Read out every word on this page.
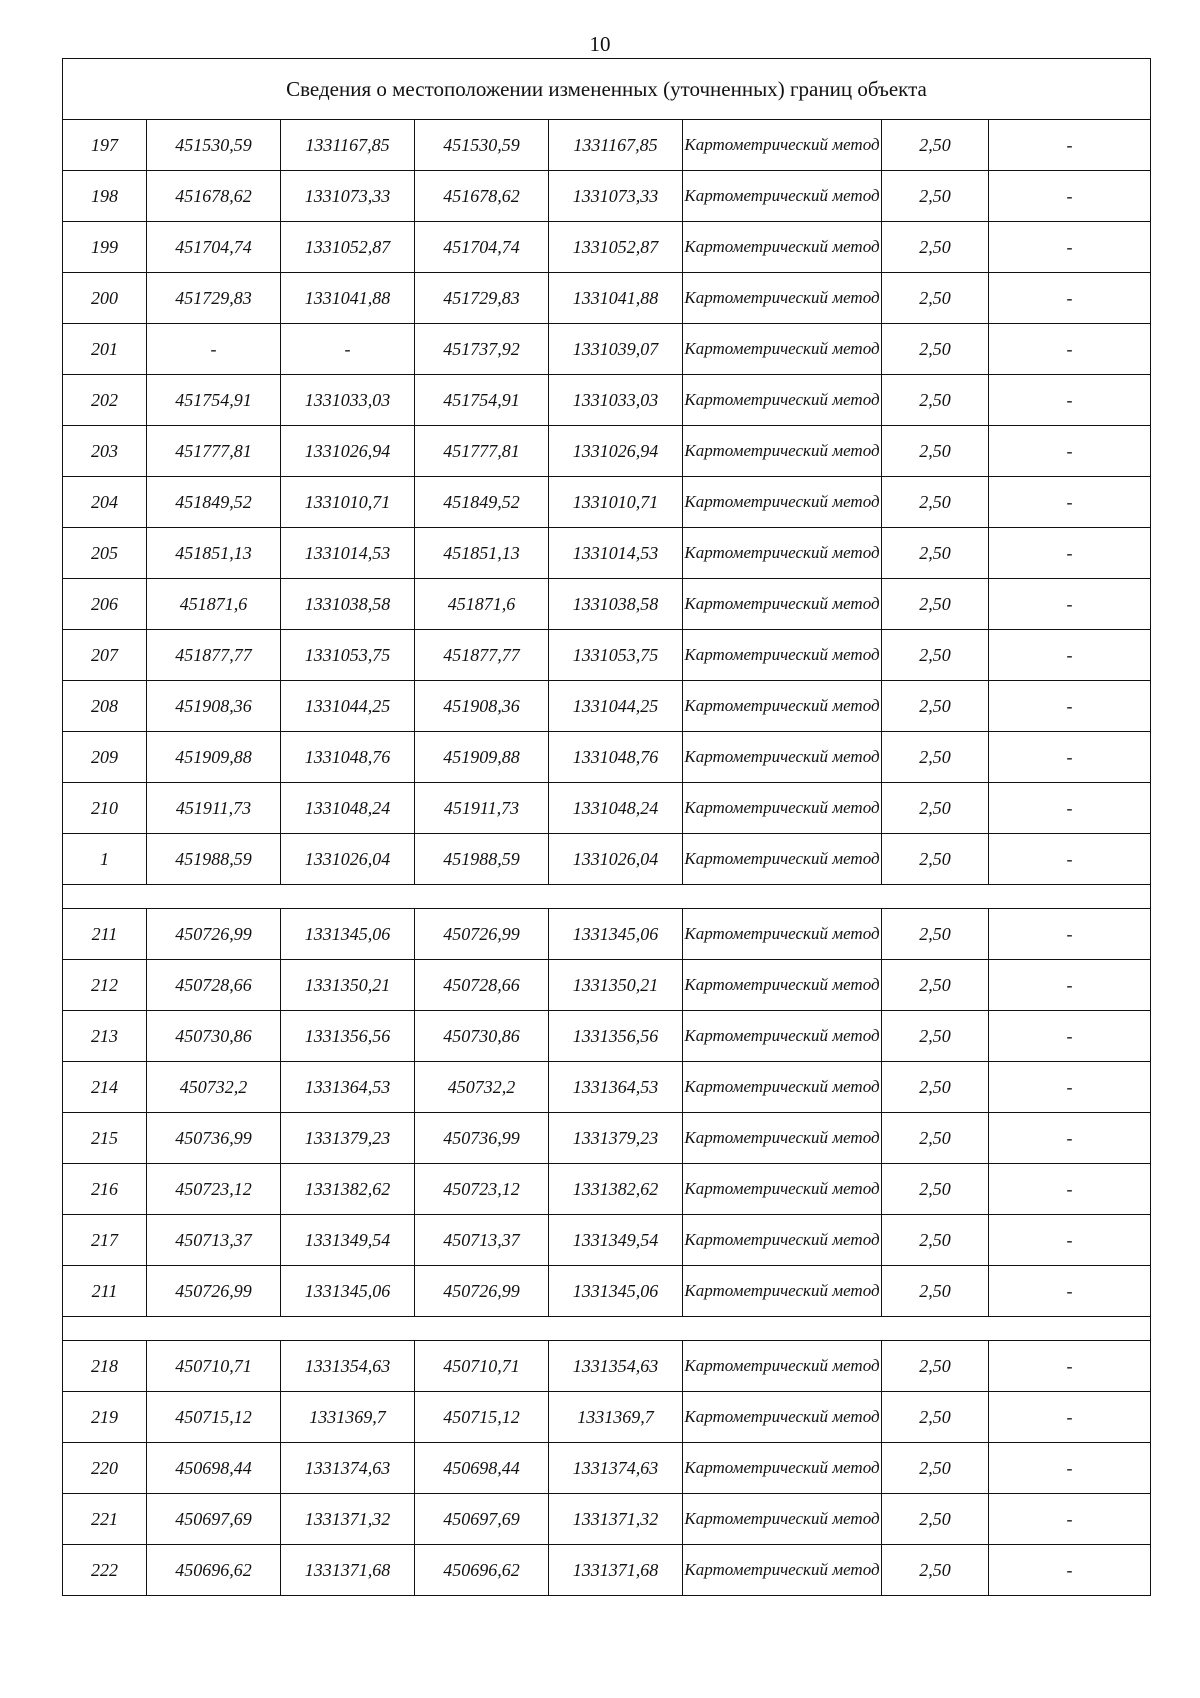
10
Сведения о местоположении измененных (уточненных) границ объекта							
197	451530,59	1331167,85	451530,59	1331167,85	Картометрический метод	2,50	-
198	451678,62	1331073,33	451678,62	1331073,33	Картометрический метод	2,50	-
199	451704,74	1331052,87	451704,74	1331052,87	Картометрический метод	2,50	-
200	451729,83	1331041,88	451729,83	1331041,88	Картометрический метод	2,50	-
201	-	-	451737,92	1331039,07	Картометрический метод	2,50	-
202	451754,91	1331033,03	451754,91	1331033,03	Картометрический метод	2,50	-
203	451777,81	1331026,94	451777,81	1331026,94	Картометрический метод	2,50	-
204	451849,52	1331010,71	451849,52	1331010,71	Картометрический метод	2,50	-
205	451851,13	1331014,53	451851,13	1331014,53	Картометрический метод	2,50	-
206	451871,6	1331038,58	451871,6	1331038,58	Картометрический метод	2,50	-
207	451877,77	1331053,75	451877,77	1331053,75	Картометрический метод	2,50	-
208	451908,36	1331044,25	451908,36	1331044,25	Картометрический метод	2,50	-
209	451909,88	1331048,76	451909,88	1331048,76	Картометрический метод	2,50	-
210	451911,73	1331048,24	451911,73	1331048,24	Картометрический метод	2,50	-
1	451988,59	1331026,04	451988,59	1331026,04	Картометрический метод	2,50	-

211	450726,99	1331345,06	450726,99	1331345,06	Картометрический метод	2,50	-
212	450728,66	1331350,21	450728,66	1331350,21	Картометрический метод	2,50	-
213	450730,86	1331356,56	450730,86	1331356,56	Картометрический метод	2,50	-
214	450732,2	1331364,53	450732,2	1331364,53	Картометрический метод	2,50	-
215	450736,99	1331379,23	450736,99	1331379,23	Картометрический метод	2,50	-
216	450723,12	1331382,62	450723,12	1331382,62	Картометрический метод	2,50	-
217	450713,37	1331349,54	450713,37	1331349,54	Картометрический метод	2,50	-
211	450726,99	1331345,06	450726,99	1331345,06	Картометрический метод	2,50	-

218	450710,71	1331354,63	450710,71	1331354,63	Картометрический метод	2,50	-
219	450715,12	1331369,7	450715,12	1331369,7	Картометрический метод	2,50	-
220	450698,44	1331374,63	450698,44	1331374,63	Картометрический метод	2,50	-
221	450697,69	1331371,32	450697,69	1331371,32	Картометрический метод	2,50	-
222	450696,62	1331371,68	450696,62	1331371,68	Картометрический метод	2,50	-
